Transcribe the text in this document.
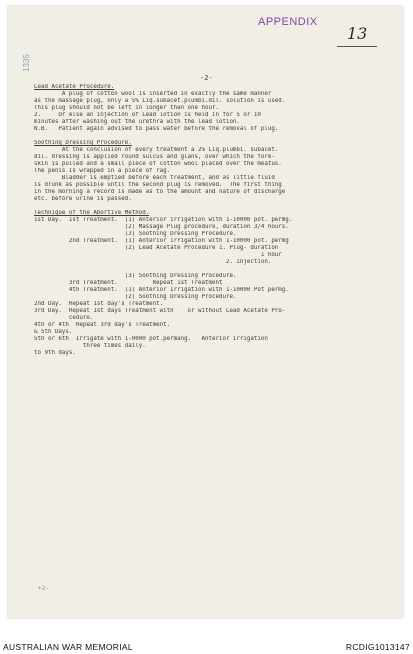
APPENDIX
13
1335
-2-
Lead Acetate Procedure.
A plug of cotton wool is inserted in exactly the same manner
as the massage plug, only a 5% Liq.subacet.plumbi.dil. solution is used.
This plug should not be left in longer than one hour.
2.     Or else an injection of Lead lotion is held in for 5 or 10
minutes after washing out the urethra with the lead lotion.
N.B.   Patient again advised to pass water before the removal of plug.
Soothing Dressing Procedure.
At the conclusion of every treatment a 2% Liq.plumbi. subacet.
dil. dressing is applied round sulcus and glans, over which the fore-
skin is pulled and a small piece of cotton wool placed over the meatus.
The penis is wrapped in a piece of rag.
Bladder is emptied before each treatment, and as little fluid
is drunk as possible until the second plug is removed.  The first thing
in the morning a record is made as to the amount and nature of discharge
etc. before urine is passed.
Technique of the Abortive Method.
1st Day.  1st Treatment.  (1) Anterior irrigation with 1-10000 pot. permg.
(2) Massage Plug procedure, duration 3/4 hours.
(3) Soothing Dressing Procedure.
2nd Treatment.  (1) Anterior irrigation with 1-10000 pot. permg
(2) Lead Acetate Procedure 1. Plug- duration
1 hour
2. Injection.
(3) Soothing Dressing Procedure.
3rd Treatment.          Repeat 1st Treatment
4th Treatment.  (1) Anterior Irrigation with 1-10000 Pot permg.
(2) Soothing Dressing Procedure.
2nd Day.  Repeat 1st day's Treatment.
3rd Day.  Repeat 1st days Treatment with    or without Lead Acetate Pro-
cedure.
4th or 4th  Repeat 3rd day's Treatment.
& 5th Days.
5th or 6th  Irrigate with 1-0000 pot.permang.   Anterior irrigation
three times daily.
to 9th days.
+2-
AUSTRALIAN WAR MEMORIAL	RCDIG1013147
